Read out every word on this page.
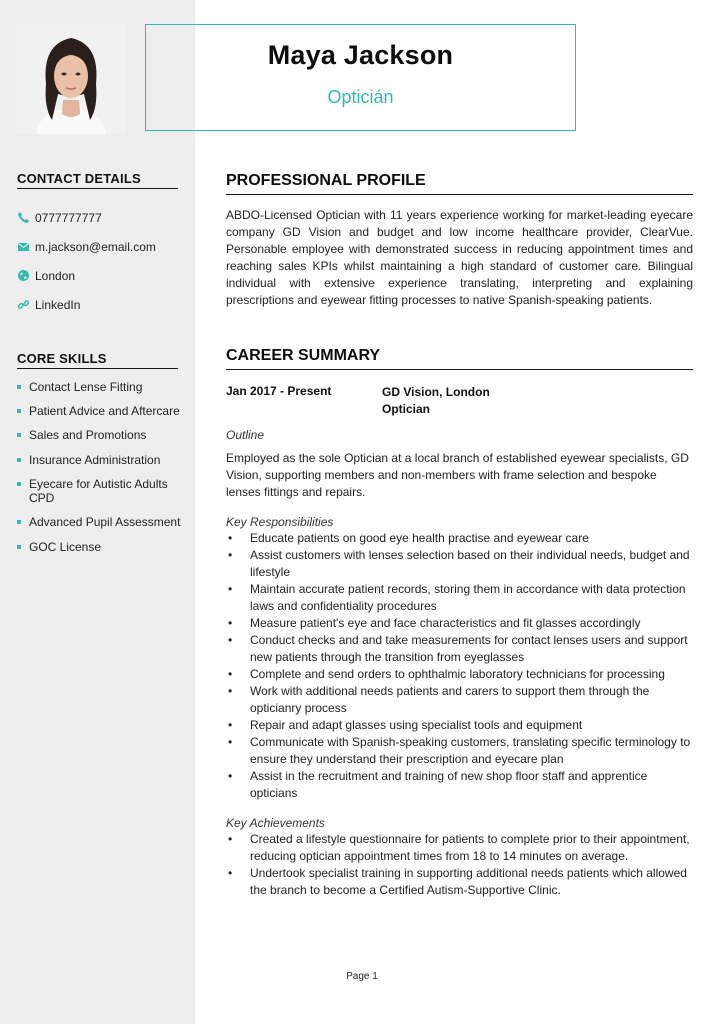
Maya Jackson
Opticián
CONTACT DETAILS
0777777777
m.jackson@email.com
London
LinkedIn
CORE SKILLS
Contact Lense Fitting
Patient Advice and Aftercare
Sales and Promotions
Insurance Administration
Eyecare for Autistic Adults CPD
Advanced Pupil Assessment
GOC License
PROFESSIONAL PROFILE
ABDO-Licensed Optician with 11 years experience working for market-leading eyecare company GD Vision and budget and low income healthcare provider, ClearVue. Personable employee with demonstrated success in reducing appointment times and reaching sales KPIs whilst maintaining a high standard of customer care. Bilingual individual with extensive experience translating, interpreting and explaining prescriptions and eyewear fitting processes to native Spanish-speaking patients.
CAREER SUMMARY
Jan 2017 - Present	GD Vision, London
Optician
Outline
Employed as the sole Optician at a local branch of established eyewear specialists, GD Vision, supporting members and non-members with frame selection and bespoke lenses fittings and repairs.
Key Responsibilities
• Educate patients on good eye health practise and eyewear care
• Assist customers with lenses selection based on their individual needs, budget and lifestyle
• Maintain accurate patient records, storing them in accordance with data protection laws and confidentiality procedures
• Measure patient's eye and face characteristics and fit glasses accordingly
• Conduct checks and and take measurements for contact lenses users and support new patients through the transition from eyeglasses
• Complete and send orders to ophthalmic laboratory technicians for processing
• Work with additional needs patients and carers to support them through the opticianry process
• Repair and adapt glasses using specialist tools and equipment
• Communicate with Spanish-speaking customers, translating specific terminology to ensure they understand their prescription and eyecare plan
• Assist in the recruitment and training of new shop floor staff and apprentice opticians
Key Achievements
• Created a lifestyle questionnaire for patients to complete prior to their appointment, reducing optician appointment times from 18 to 14 minutes on average.
• Undertook specialist training in supporting additional needs patients which allowed the branch to become a Certified Autism-Supportive Clinic.
Page 1
